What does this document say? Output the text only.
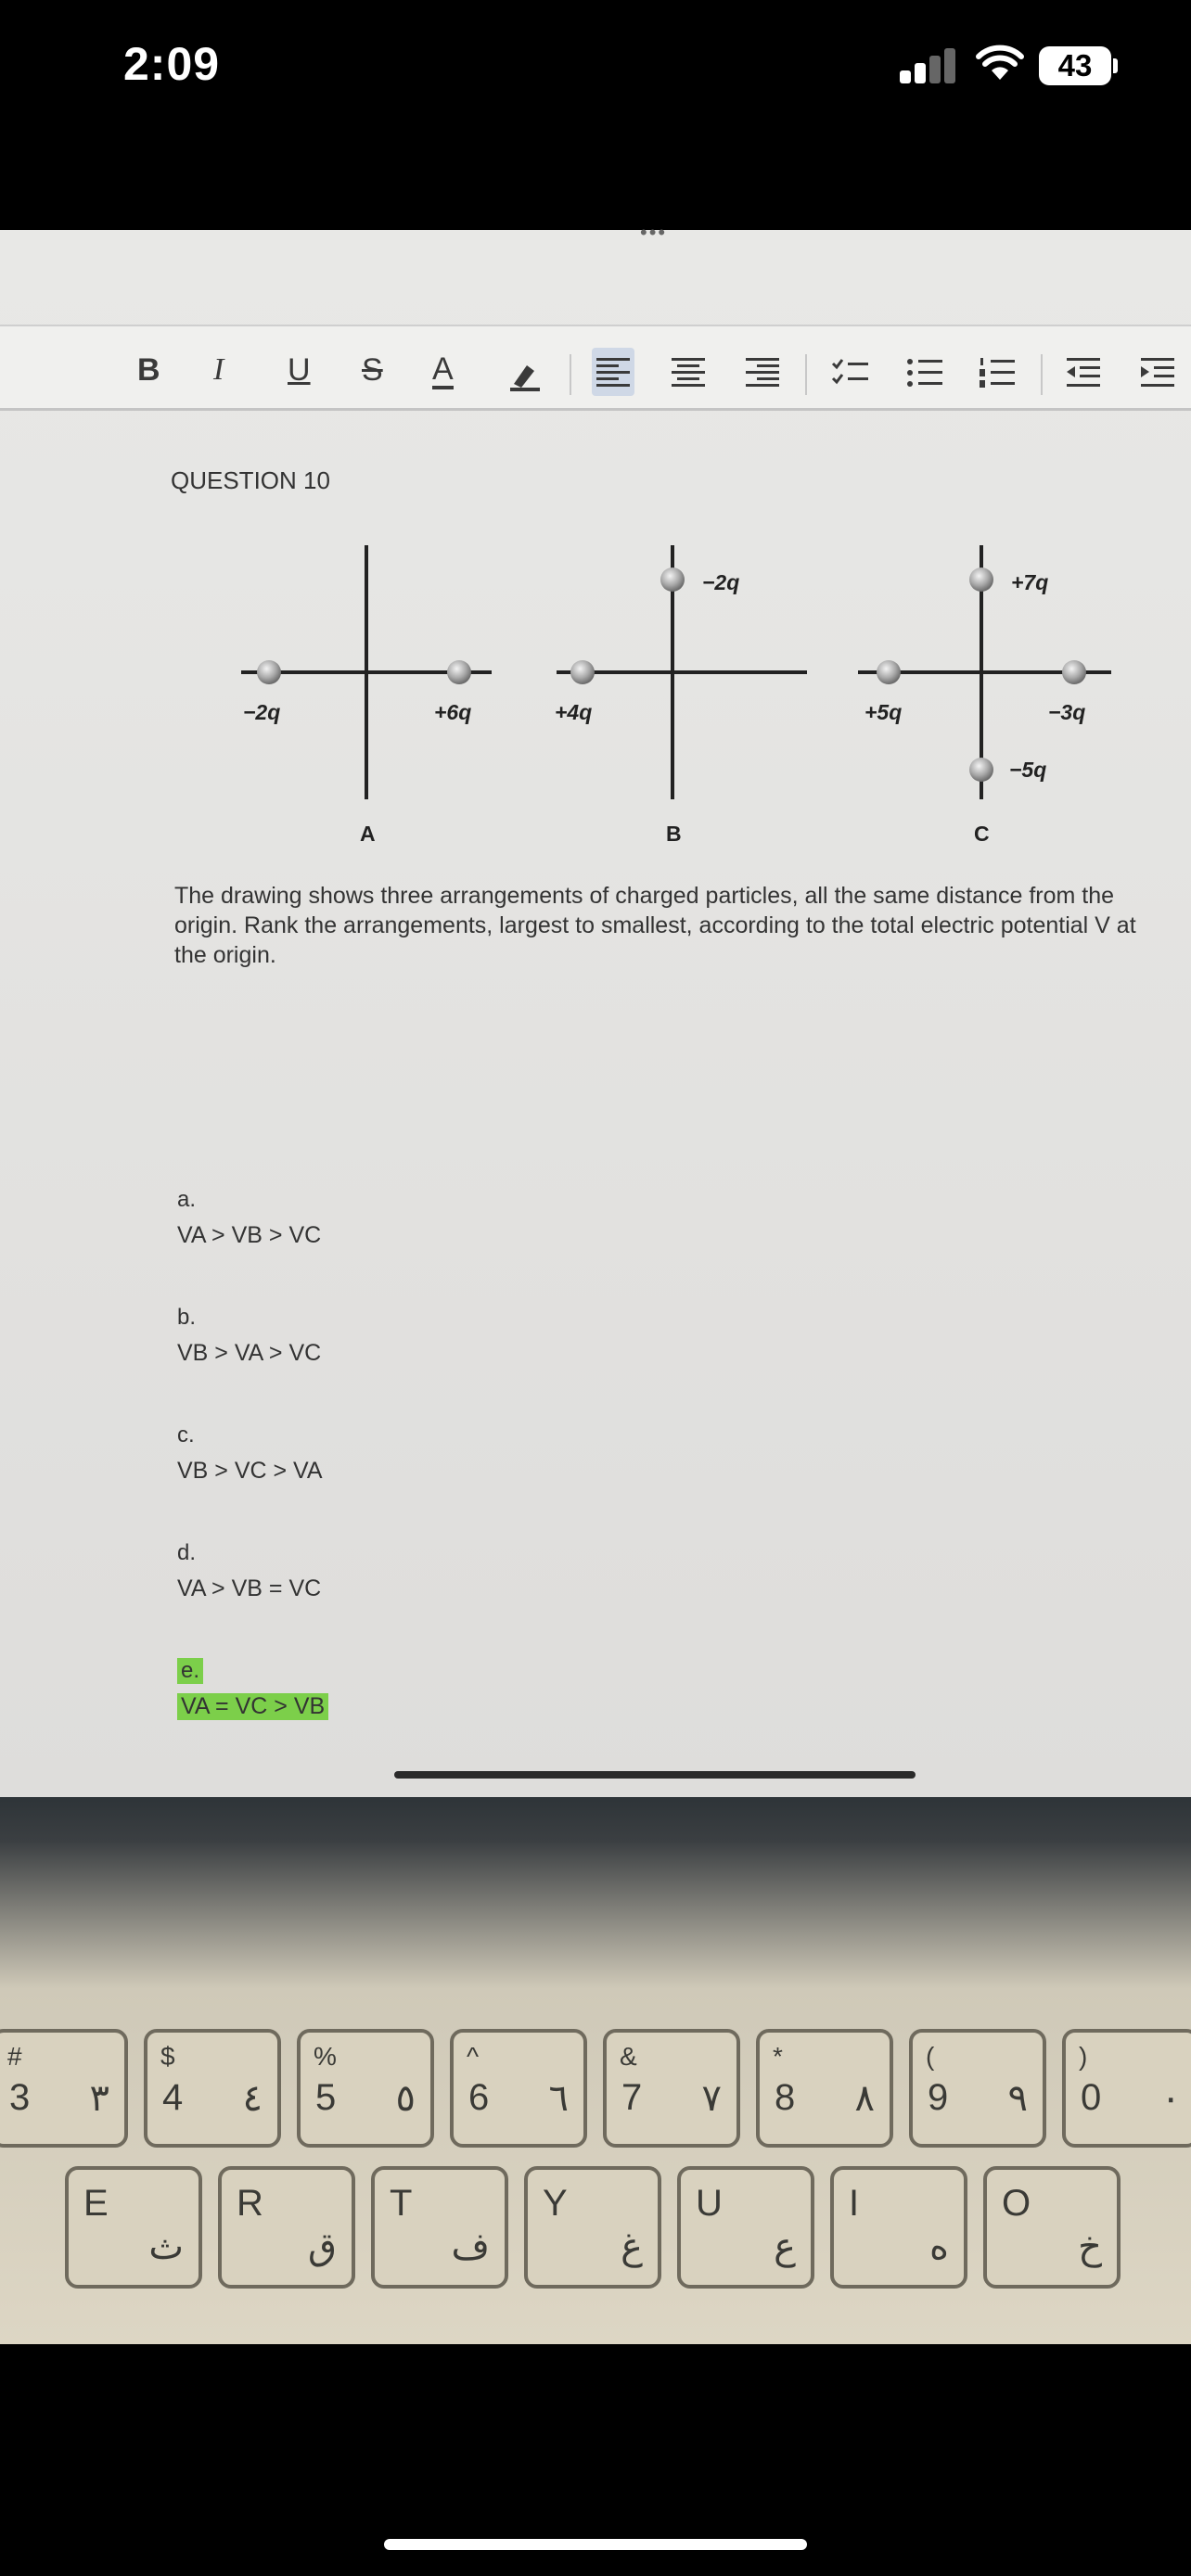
2:09	43
•••
B I U S A
QUESTION 10
−2q	+6q
A
+4q
−2q
B
+5q
+7q
−3q
−5q
C
The drawing shows three arrangements of charged particles, all the same distance from the origin. Rank the arrangements, largest to smallest, according to the total electric potential V at the origin.
a.
VA > VB > VC
b.
VB > VA > VC
c.
VB > VC > VA
d.
VA > VB = VC
e.
VA = VC > VB
#
3 ٣
$
4 ٤
%
5 ٥
^
6 ٦
&
7 ٧
*
8 ٨
(
9 ٩
)
0 ٠
E
ث
R
ق
T
ف
Y
غ
U
ع
I
ه
O
خ
